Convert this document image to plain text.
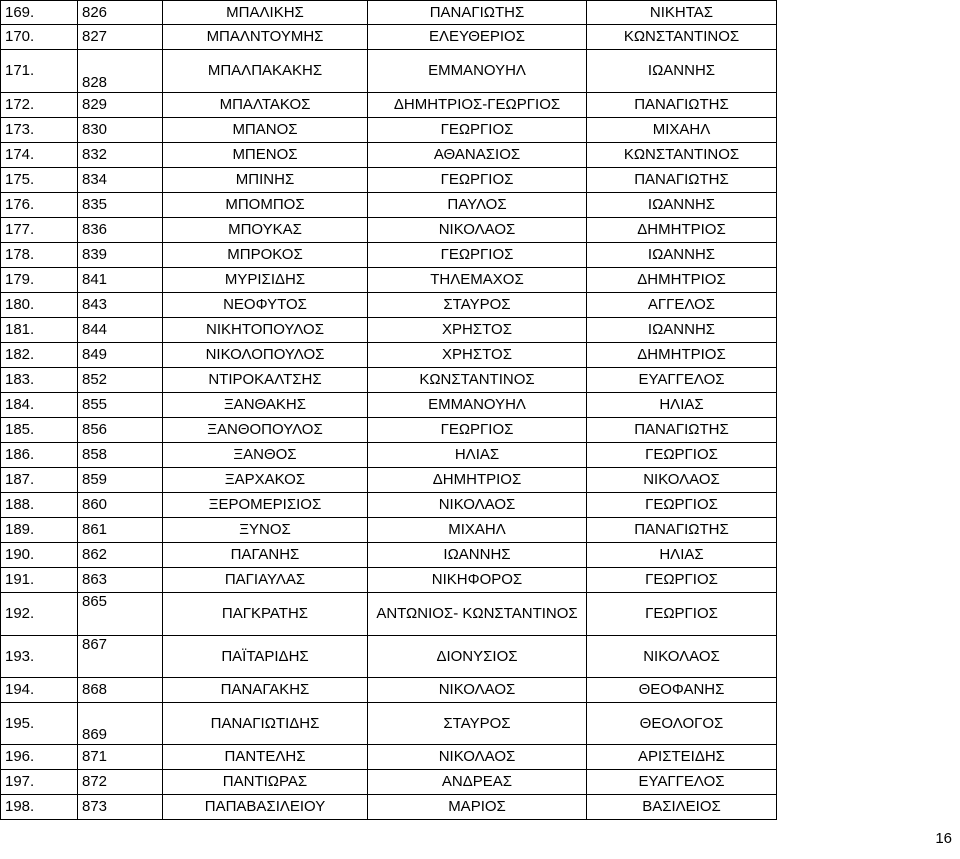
169.	826	ΜΠΑΛΙΚΗΣ	ΠΑΝΑΓΙΩΤΗΣ	ΝΙΚΗΤΑΣ
170.	827	ΜΠΑΛΝΤΟΥΜΗΣ	ΕΛΕΥΘΕΡΙΟΣ	ΚΩΝΣΤΑΝΤΙΝΟΣ
171.	828	ΜΠΑΛΠΑΚΑΚΗΣ	ΕΜΜΑΝΟΥΗΛ	ΙΩΑΝΝΗΣ
172.	829	ΜΠΑΛΤΑΚΟΣ	ΔΗΜΗΤΡΙΟΣ-ΓΕΩΡΓΙΟΣ	ΠΑΝΑΓΙΩΤΗΣ
173.	830	ΜΠΑΝΟΣ	ΓΕΩΡΓΙΟΣ	ΜΙΧΑΗΛ
174.	832	ΜΠΕΝΟΣ	ΑΘΑΝΑΣΙΟΣ	ΚΩΝΣΤΑΝΤΙΝΟΣ
175.	834	ΜΠΙΝΗΣ	ΓΕΩΡΓΙΟΣ	ΠΑΝΑΓΙΩΤΗΣ
176.	835	ΜΠΟΜΠΟΣ	ΠΑΥΛΟΣ	ΙΩΑΝΝΗΣ
177.	836	ΜΠΟΥΚΑΣ	ΝΙΚΟΛΑΟΣ	ΔΗΜΗΤΡΙΟΣ
178.	839	ΜΠΡΟΚΟΣ	ΓΕΩΡΓΙΟΣ	ΙΩΑΝΝΗΣ
179.	841	ΜΥΡΙΣΙΔΗΣ	ΤΗΛΕΜΑΧΟΣ	ΔΗΜΗΤΡΙΟΣ
180.	843	ΝΕΟΦΥΤΟΣ	ΣΤΑΥΡΟΣ	ΑΓΓΕΛΟΣ
181.	844	ΝΙΚΗΤΟΠΟΥΛΟΣ	ΧΡΗΣΤΟΣ	ΙΩΑΝΝΗΣ
182.	849	ΝΙΚΟΛΟΠΟΥΛΟΣ	ΧΡΗΣΤΟΣ	ΔΗΜΗΤΡΙΟΣ
183.	852	ΝΤΙΡΟΚΑΛΤΣΗΣ	ΚΩΝΣΤΑΝΤΙΝΟΣ	ΕΥΑΓΓΕΛΟΣ
184.	855	ΞΑΝΘΑΚΗΣ	ΕΜΜΑΝΟΥΗΛ	ΗΛΙΑΣ
185.	856	ΞΑΝΘΟΠΟΥΛΟΣ	ΓΕΩΡΓΙΟΣ	ΠΑΝΑΓΙΩΤΗΣ
186.	858	ΞΑΝΘΟΣ	ΗΛΙΑΣ	ΓΕΩΡΓΙΟΣ
187.	859	ΞΑΡΧΑΚΟΣ	ΔΗΜΗΤΡΙΟΣ	ΝΙΚΟΛΑΟΣ
188.	860	ΞΕΡΟΜΕΡΙΣΙΟΣ	ΝΙΚΟΛΑΟΣ	ΓΕΩΡΓΙΟΣ
189.	861	ΞΥΝΟΣ	ΜΙΧΑΗΛ	ΠΑΝΑΓΙΩΤΗΣ
190.	862	ΠΑΓΑΝΗΣ	ΙΩΑΝΝΗΣ	ΗΛΙΑΣ
191.	863	ΠΑΓΙΑΥΛΑΣ	ΝΙΚΗΦΟΡΟΣ	ΓΕΩΡΓΙΟΣ
192.	865	ΠΑΓΚΡΑΤΗΣ	ΑΝΤΩΝΙΟΣ- ΚΩΝΣΤΑΝΤΙΝΟΣ	ΓΕΩΡΓΙΟΣ
193.	867	ΠΑΪΤΑΡΙΔΗΣ	ΔΙΟΝΥΣΙΟΣ	ΝΙΚΟΛΑΟΣ
194.	868	ΠΑΝΑΓΑΚΗΣ	ΝΙΚΟΛΑΟΣ	ΘΕΟΦΑΝΗΣ
195.	869	ΠΑΝΑΓΙΩΤΙΔΗΣ	ΣΤΑΥΡΟΣ	ΘΕΟΛΟΓΟΣ
196.	871	ΠΑΝΤΕΛΗΣ	ΝΙΚΟΛΑΟΣ	ΑΡΙΣΤΕΙΔΗΣ
197.	872	ΠΑΝΤΙΩΡΑΣ	ΑΝΔΡΕΑΣ	ΕΥΑΓΓΕΛΟΣ
198.	873	ΠΑΠΑΒΑΣΙΛΕΙΟΥ	ΜΑΡΙΟΣ	ΒΑΣΙΛΕΙΟΣ
16
